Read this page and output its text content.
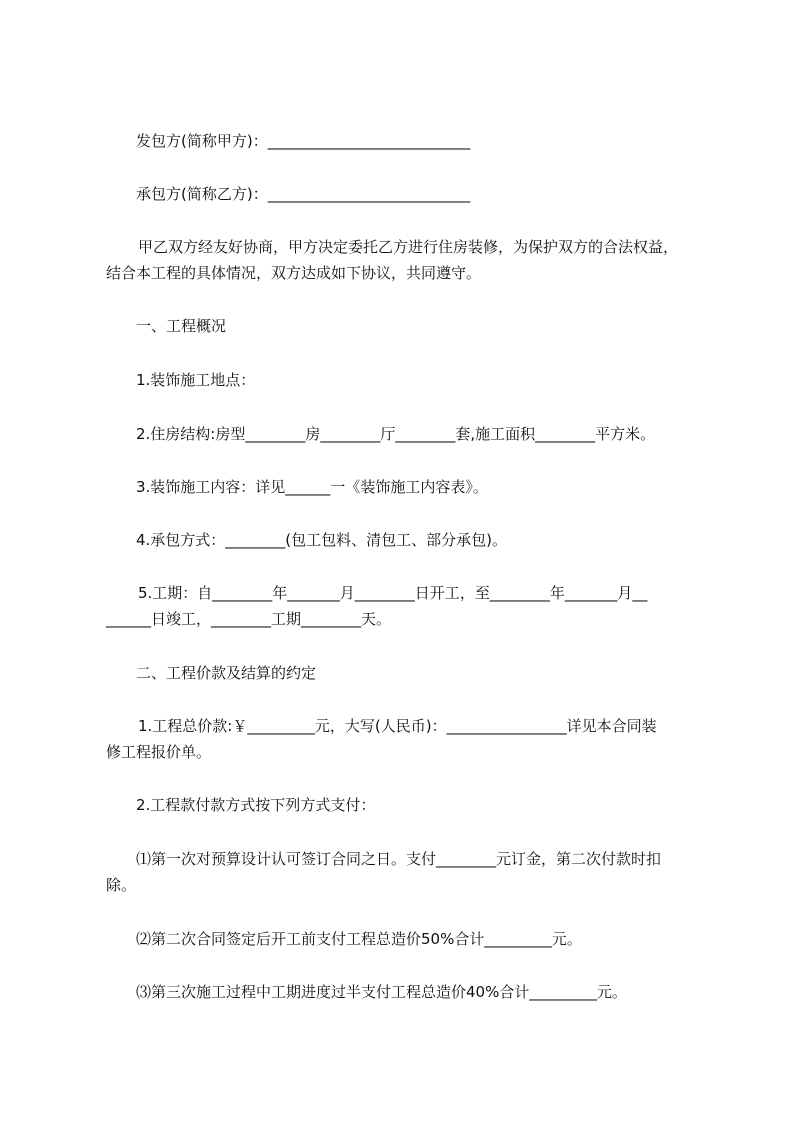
发包方(简称甲方)：___________________________

承包方(简称乙方)：___________________________

甲乙双方经友好协商，甲方决定委托乙方进行住房装修，为保护双方的合法权益，

结合本工程的具体情况，双方达成如下协议，共同遵守。

一、工程概况

1.装饰施工地点：

2.住房结构:房型________房________厅________套,施工面积________平方米。

3.装饰施工内容：详见______一《装饰施工内容表》。

4.承包方式：________(包工包料、清包工、部分承包)。

5.工期：自________年_______月________日开工，至________年_______月__

______日竣工，________工期________天。

二、工程价款及结算的约定

1.工程总价款:￥_________元，大写(人民币)：________________详见本合同装

修工程报价单。

2.工程款付款方式按下列方式支付：

⑴第一次对预算设计认可签订合同之日。支付________元订金，第二次付款时扣

除。

⑵第二次合同签定后开工前支付工程总造价50%合计_________元。

⑶第三次施工过程中工期进度过半支付工程总造价40%合计_________元。
